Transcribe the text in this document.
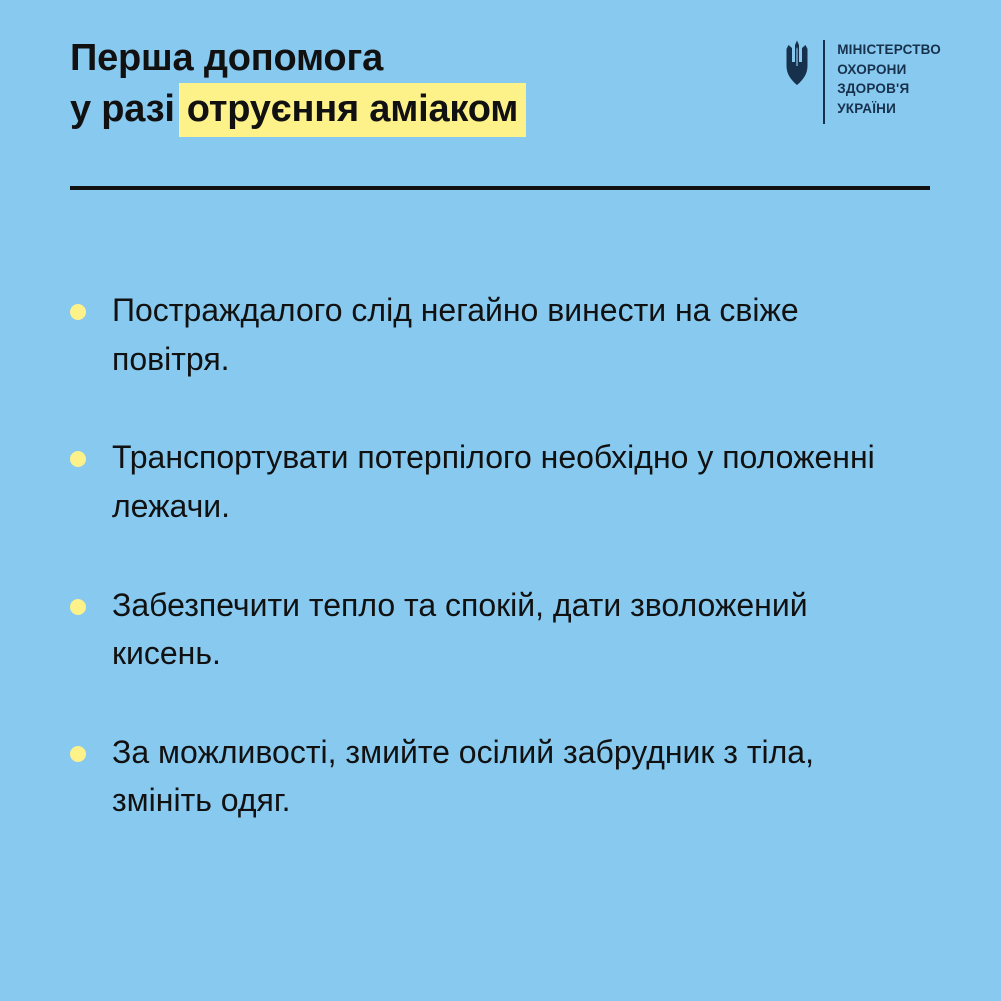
Перша допомога
у разі отруєння аміаком
МІНІСТЕРСТВО
ОХОРОНИ
ЗДОРОВ'Я
УКРАЇНИ
Постраждалого слід негайно винести на свіже повітря.
Транспортувати потерпілого необхідно у положенні лежачи.
Забезпечити тепло та спокій, дати зволожений кисень.
За можливості, змийте осілий забрудник з тіла, змініть одяг.
